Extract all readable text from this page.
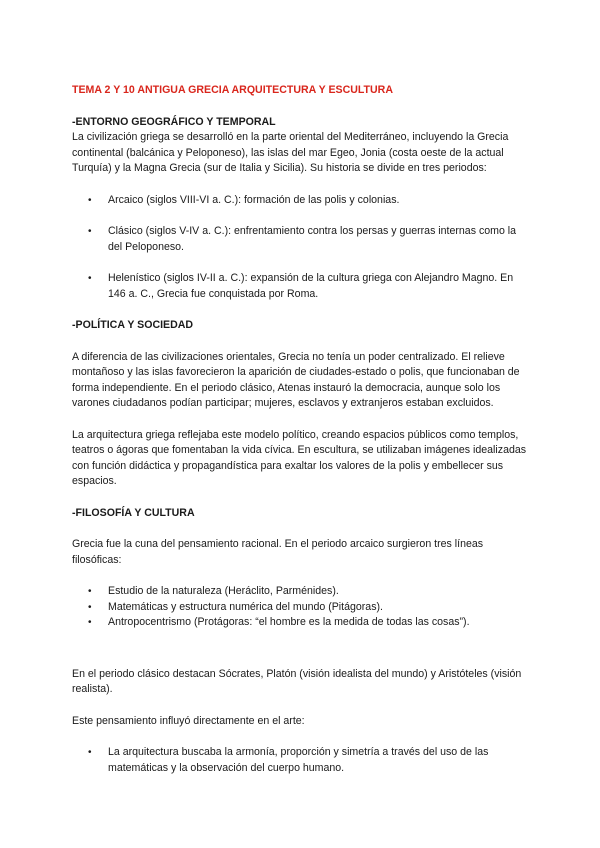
TEMA 2 Y 10 ANTIGUA GRECIA ARQUITECTURA Y ESCULTURA

-ENTORNO GEOGRÁFICO Y TEMPORAL

La civilización griega se desarrolló en la parte oriental del Mediterráneo, incluyendo la Grecia continental (balcánica y Peloponeso), las islas del mar Egeo, Jonia (costa oeste de la actual Turquía) y la Magna Grecia (sur de Italia y Sicilia). Su historia se divide en tres periodos:

• Arcaico (siglos VIII-VI a. C.): formación de las polis y colonias.
• Clásico (siglos V-IV a. C.): enfrentamiento contra los persas y guerras internas como la del Peloponeso.
• Helenístico (siglos IV-II a. C.): expansión de la cultura griega con Alejandro Magno. En 146 a. C., Grecia fue conquistada por Roma.

-POLÍTICA Y SOCIEDAD

A diferencia de las civilizaciones orientales, Grecia no tenía un poder centralizado. El relieve montañoso y las islas favorecieron la aparición de ciudades-estado o polis, que funcionaban de forma independiente. En el periodo clásico, Atenas instauró la democracia, aunque solo los varones ciudadanos podían participar; mujeres, esclavos y extranjeros estaban excluidos.

La arquitectura griega reflejaba este modelo político, creando espacios públicos como templos, teatros o ágoras que fomentaban la vida cívica. En escultura, se utilizaban imágenes idealizadas con función didáctica y propagandística para exaltar los valores de la polis y embellecer sus espacios.

-FILOSOFÍA Y CULTURA

Grecia fue la cuna del pensamiento racional. En el periodo arcaico surgieron tres líneas filosóficas:

• Estudio de la naturaleza (Heráclito, Parménides).
• Matemáticas y estructura numérica del mundo (Pitágoras).
• Antropocentrismo (Protágoras: “el hombre es la medida de todas las cosas”).

En el periodo clásico destacan Sócrates, Platón (visión idealista del mundo) y Aristóteles (visión realista).

Este pensamiento influyó directamente en el arte:

• La arquitectura buscaba la armonía, proporción y simetría a través del uso de las matemáticas y la observación del cuerpo humano.
